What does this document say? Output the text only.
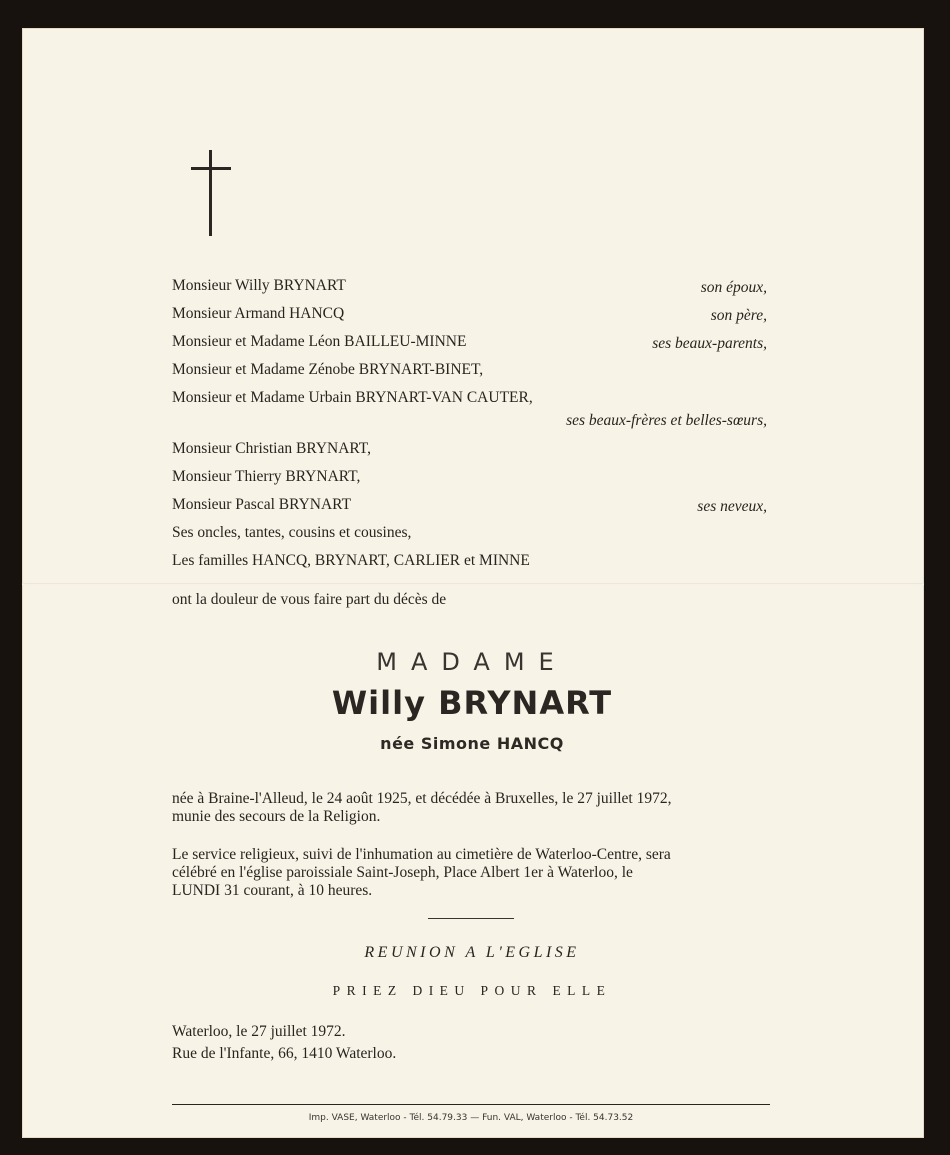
Monsieur Willy BRYNART	son époux,
Monsieur Armand HANCQ	son père,
Monsieur et Madame Léon BAILLEU-MINNE	ses beaux-parents,
Monsieur et Madame Zénobe BRYNART-BINET,
Monsieur et Madame Urbain BRYNART-VAN CAUTER,
ses beaux-frères et belles-sœurs,
Monsieur Christian BRYNART,
Monsieur Thierry BRYNART,
Monsieur Pascal BRYNART	ses neveux,
Ses oncles, tantes, cousins et cousines,
Les familles HANCQ, BRYNART, CARLIER et MINNE
ont la douleur de vous faire part du décès de
MADAME
Willy BRYNART
née Simone HANCQ
née à Braine-l'Alleud, le 24 août 1925, et décédée à Bruxelles, le 27 juillet 1972,
munie des secours de la Religion.
Le service religieux, suivi de l'inhumation au cimetière de Waterloo-Centre, sera
célébré en l'église paroissiale Saint-Joseph, Place Albert 1er à Waterloo, le
LUNDI 31 courant, à 10 heures.
REUNION A L'EGLISE
PRIEZ DIEU POUR ELLE
Waterloo, le 27 juillet 1972.
Rue de l'Infante, 66, 1410 Waterloo.
Imp. VASE, Waterloo - Tél. 54.79.33 — Fun. VAL, Waterloo - Tél. 54.73.52
